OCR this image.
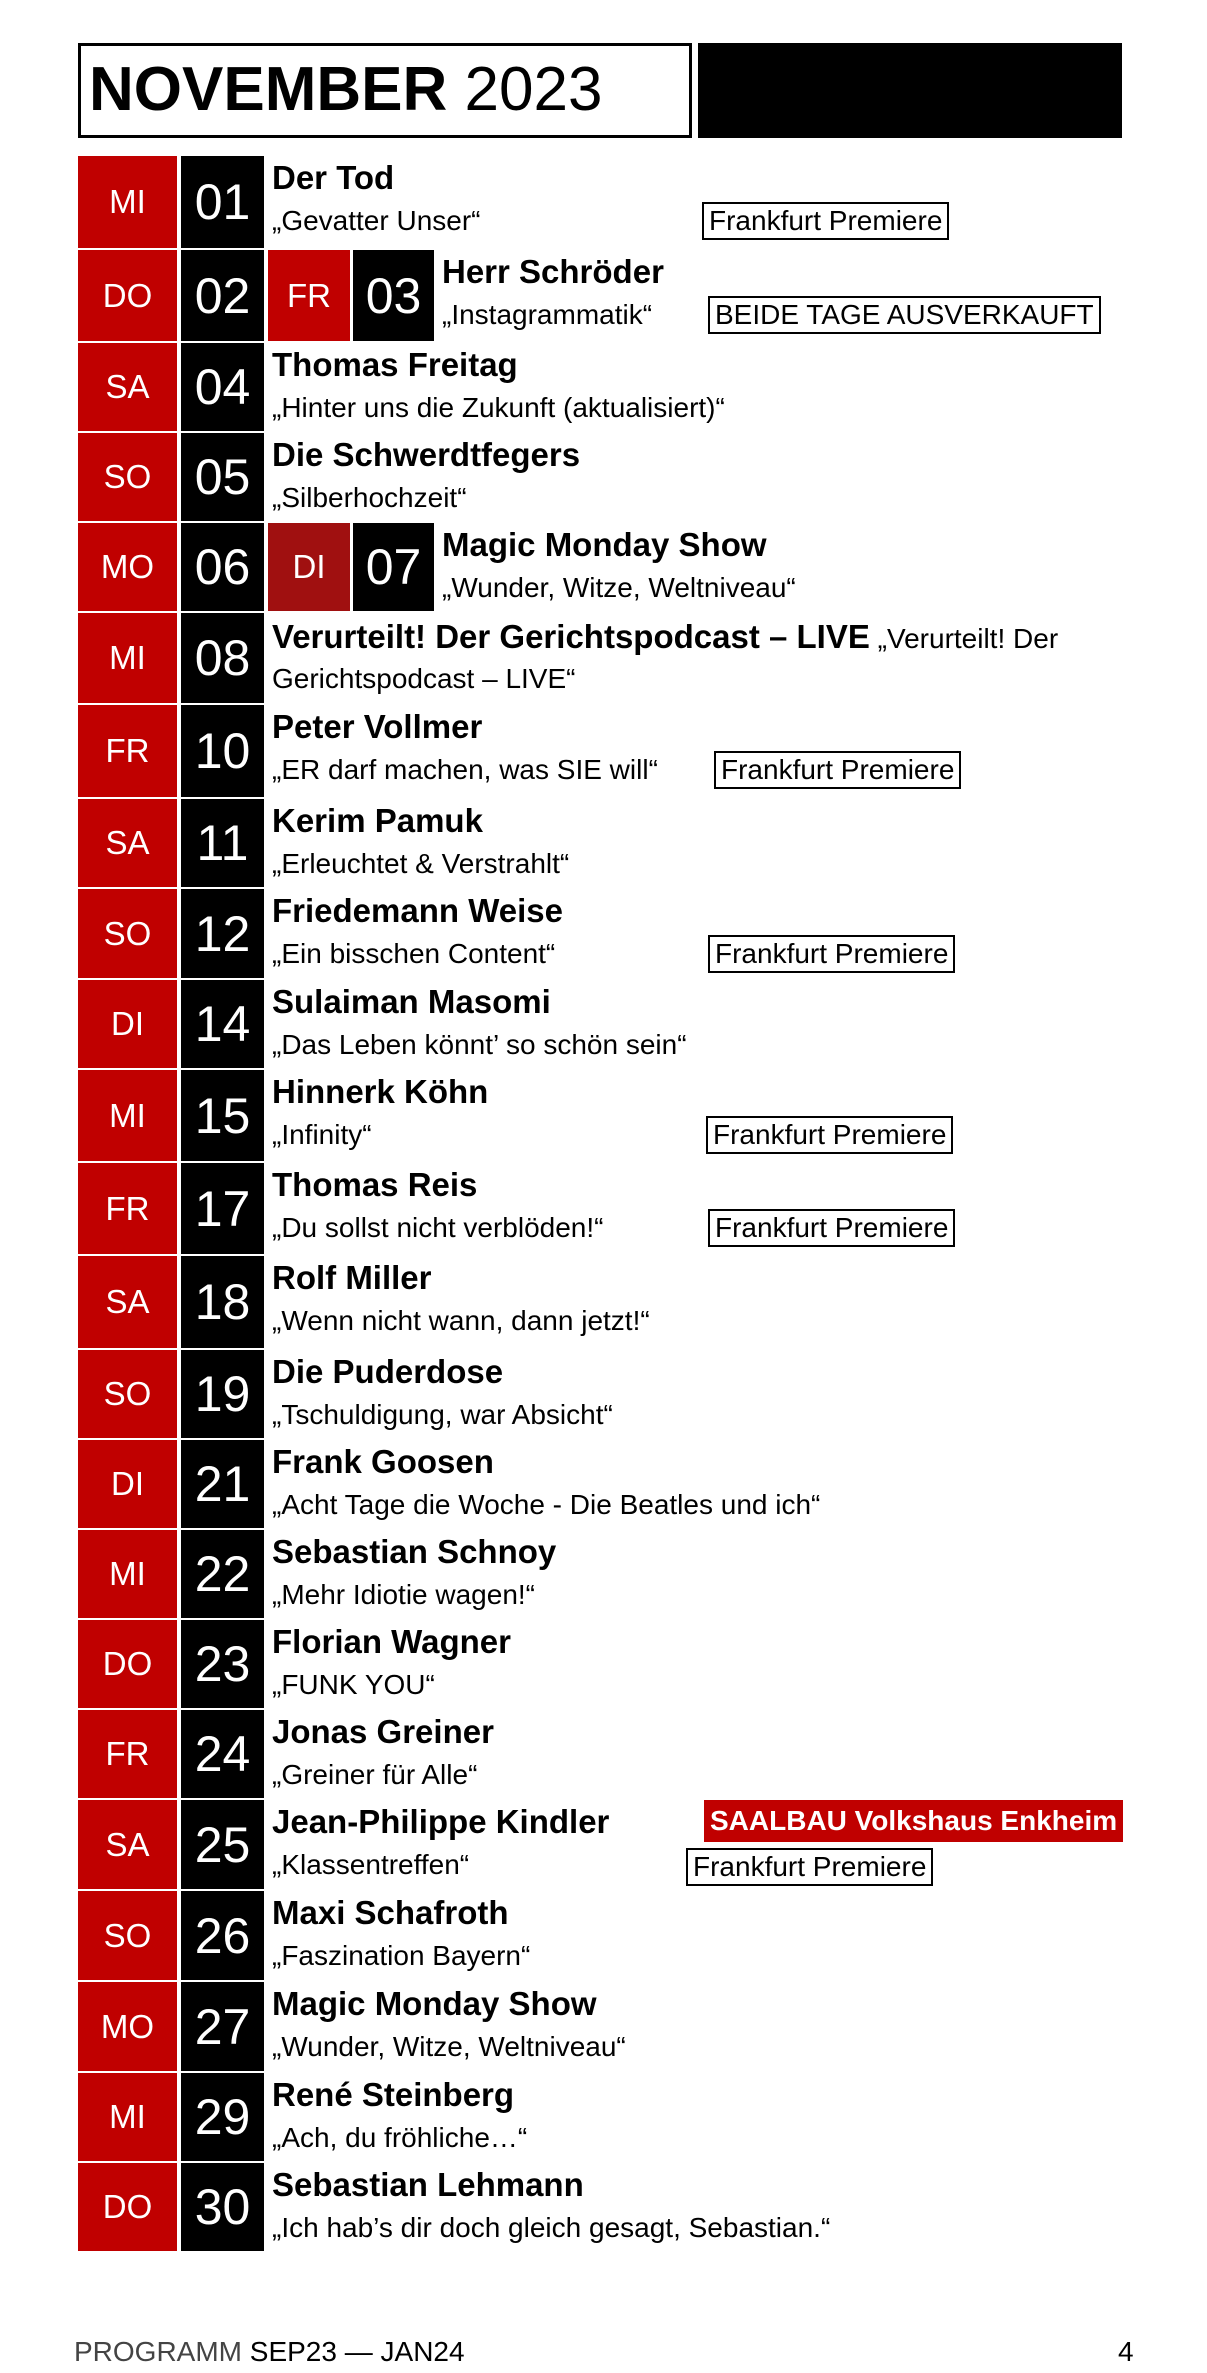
NOVEMBER 2023
MI 01 Der Tod
„Gevatter Unser“	Frankfurt Premiere
DO 02	FR 03 Herr Schröder
„Instagrammatik“ BEIDE TAGE AUSVERKAUFT
SA 04 Thomas Freitag
„Hinter uns die Zukunft (aktualisiert)“
SO 05 Die Schwerdtfegers
„Silberhochzeit“
MO 06	DI 07 Magic Monday Show
„Wunder, Witze, Weltniveau“
MI 08 Verurteilt! Der Gerichtspodcast – LIVE „Verurteilt! Der Gerichtspodcast – LIVE“
FR 10 Peter Vollmer
„ER darf machen, was SIE will“ Frankfurt Premiere
SA 11 Kerim Pamuk
„Erleuchtet & Verstrahlt“
SO 12 Friedemann Weise
„Ein bisschen Content“	Frankfurt Premiere
DI	14 Sulaiman Masomi
„Das Leben könnt’ so schön sein“
MI 15 Hinnerk Köhn
„Infinity“	Frankfurt Premiere
FR 17 Thomas Reis
„Du sollst nicht verblöden!“	Frankfurt Premiere
SA 18 Rolf Miller
„Wenn nicht wann, dann jetzt!“
SO 19 Die Puderdose
„Tschuldigung, war Absicht“
DI	21 Frank Goosen
„Acht Tage die Woche - Die Beatles und ich“
MI 22 Sebastian Schnoy
„Mehr Idiotie wagen!“
DO 23 Florian Wagner
„FUNK YOU“
FR 24 Jonas Greiner
„Greiner für Alle“
SA 25 Jean-Philippe Kindler
„Klassentreffen“
SAALBAU Volkshaus Enkheim
Frankfurt Premiere
SO 26 Maxi Schafroth
„Faszination Bayern“
MO 27 Magic Monday Show
„Wunder, Witze, Weltniveau“
MI 29 René Steinberg
„Ach, du fröhliche…“
DO 30 Sebastian Lehmann
„Ich hab’s dir doch gleich gesagt, Sebastian.“
PROGRAMM SEP23 — JAN24	4
